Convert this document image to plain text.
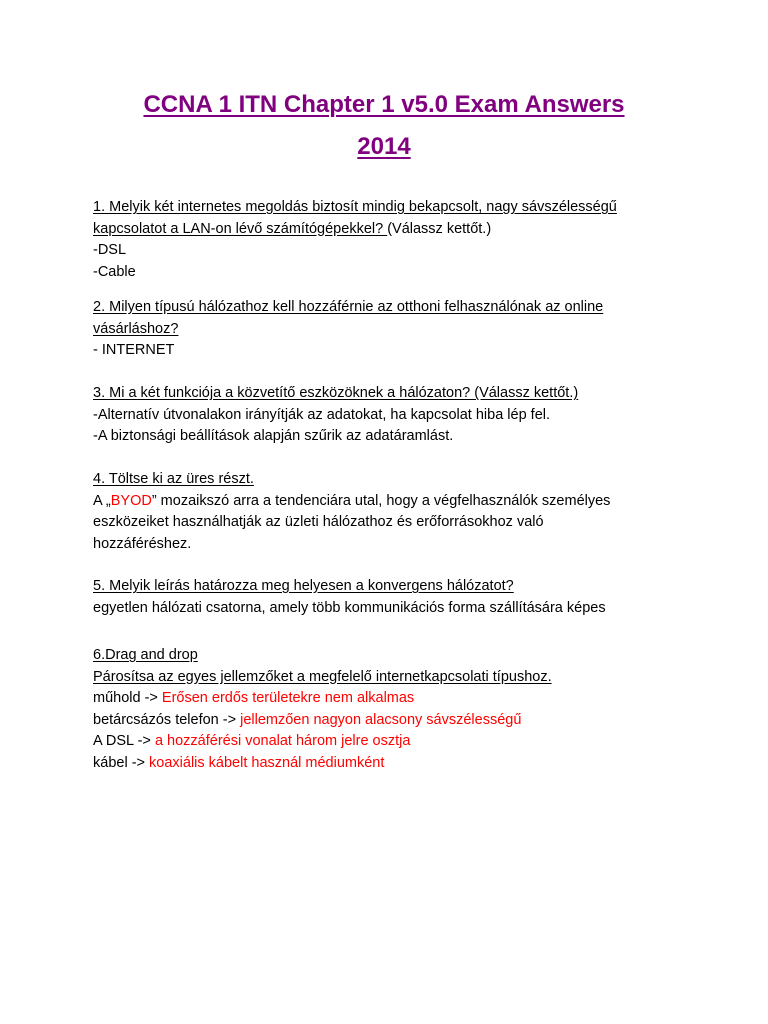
CCNA 1 ITN Chapter 1 v5.0 Exam Answers
2014
1. Melyik két internetes megoldás biztosít mindig bekapcsolt, nagy sávszélességű
kapcsolatot a LAN-on lévő számítógépekkel? (Válassz kettőt.)
-DSL
-Cable
2. Milyen típusú hálózathoz kell hozzáférnie az otthoni felhasználónak az online
vásárláshoz?
- INTERNET
3. Mi a két funkciója a közvetítő eszközöknek a hálózaton? (Válassz kettőt.)
-Alternatív útvonalakon irányítják az adatokat, ha kapcsolat hiba lép fel.
-A biztonsági beállítások alapján szűrik az adatáramlást.
4. Töltse ki az üres részt.
A „BYOD” mozaikszó arra a tendenciára utal, hogy a végfelhasználók személyes
eszközeiket használhatják az üzleti hálózathoz és erőforrásokhoz való
hozzáféréshez.
5. Melyik leírás határozza meg helyesen a konvergens hálózatot?
egyetlen hálózati csatorna, amely több kommunikációs forma szállítására képes
6.Drag and drop
Párosítsa az egyes jellemzőket a megfelelő internetkapcsolati típushoz.
műhold -> Erősen erdős területekre nem alkalmas
betárcsázós telefon -> jellemzően nagyon alacsony sávszélességű
A DSL -> a hozzáférési vonalat három jelre osztja
kábel -> koaxiális kábelt használ médiumként
